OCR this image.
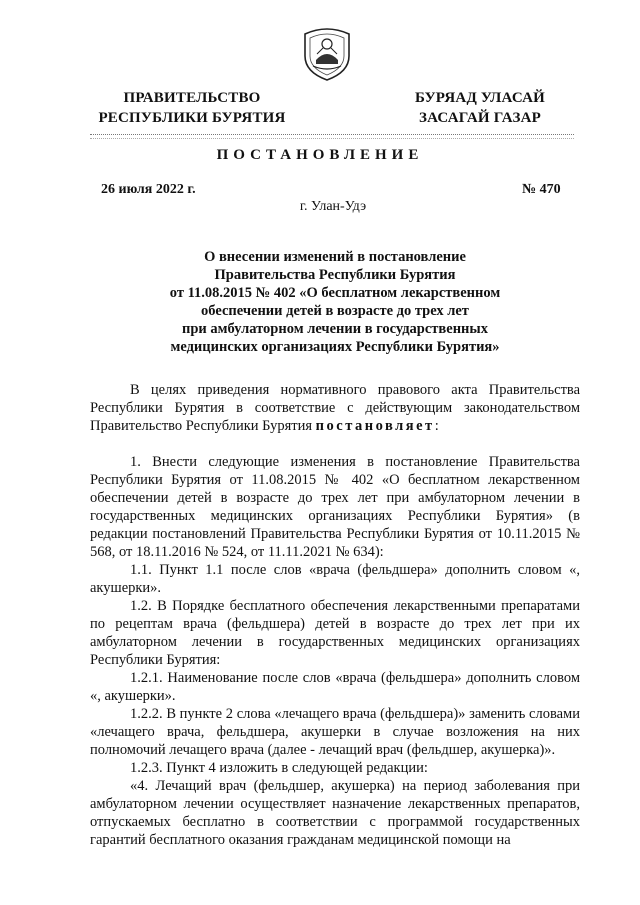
ПРАВИТЕЛЬСТВО
РЕСПУБЛИКИ БУРЯТИЯ
БУРЯАД УЛАСАЙ
ЗАСАГАЙ ГАЗАР
ПОСТАНОВЛЕНИЕ
26 июля 2022 г.	№ 470
г. Улан-Удэ
О внесении изменений в постановление
Правительства Республики Бурятия
от 11.08.2015 № 402 «О бесплатном лекарственном
обеспечении детей в возрасте до трех лет
при амбулаторном лечении в государственных
медицинских организациях Республики Бурятия»

В целях приведения нормативного правового акта Правительства Республики Бурятия в соответствие с действующим законодательством Правительство Республики Бурятия постановляет:

1. Внести следующие изменения в постановление Правительства Республики Бурятия от 11.08.2015 № 402 «О бесплатном лекарственном обеспечении детей в возрасте до трех лет при амбулаторном лечении в государственных медицинских организациях Республики Бурятия» (в редакции постановлений Правительства Республики Бурятия от 10.11.2015 № 568, от 18.11.2016 № 524, от 11.11.2021 № 634):

1.1. Пункт 1.1 после слов «врача (фельдшера» дополнить словом «, акушерки».

1.2. В Порядке бесплатного обеспечения лекарственными препаратами по рецептам врача (фельдшера) детей в возрасте до трех лет при их амбулаторном лечении в государственных медицинских организациях Республики Бурятия:

1.2.1. Наименование после слов «врача (фельдшера» дополнить словом «, акушерки».

1.2.2. В пункте 2 слова «лечащего врача (фельдшера)» заменить словами «лечащего врача, фельдшера, акушерки в случае возложения на них полномочий лечащего врача (далее - лечащий врач (фельдшер, акушерка)».

1.2.3. Пункт 4 изложить в следующей редакции:

«4. Лечащий врач (фельдшер, акушерка) на период заболевания при амбулаторном лечении осуществляет назначение лекарственных препаратов, отпускаемых бесплатно в соответствии с программой государственных гарантий бесплатного оказания гражданам медицинской помощи на
